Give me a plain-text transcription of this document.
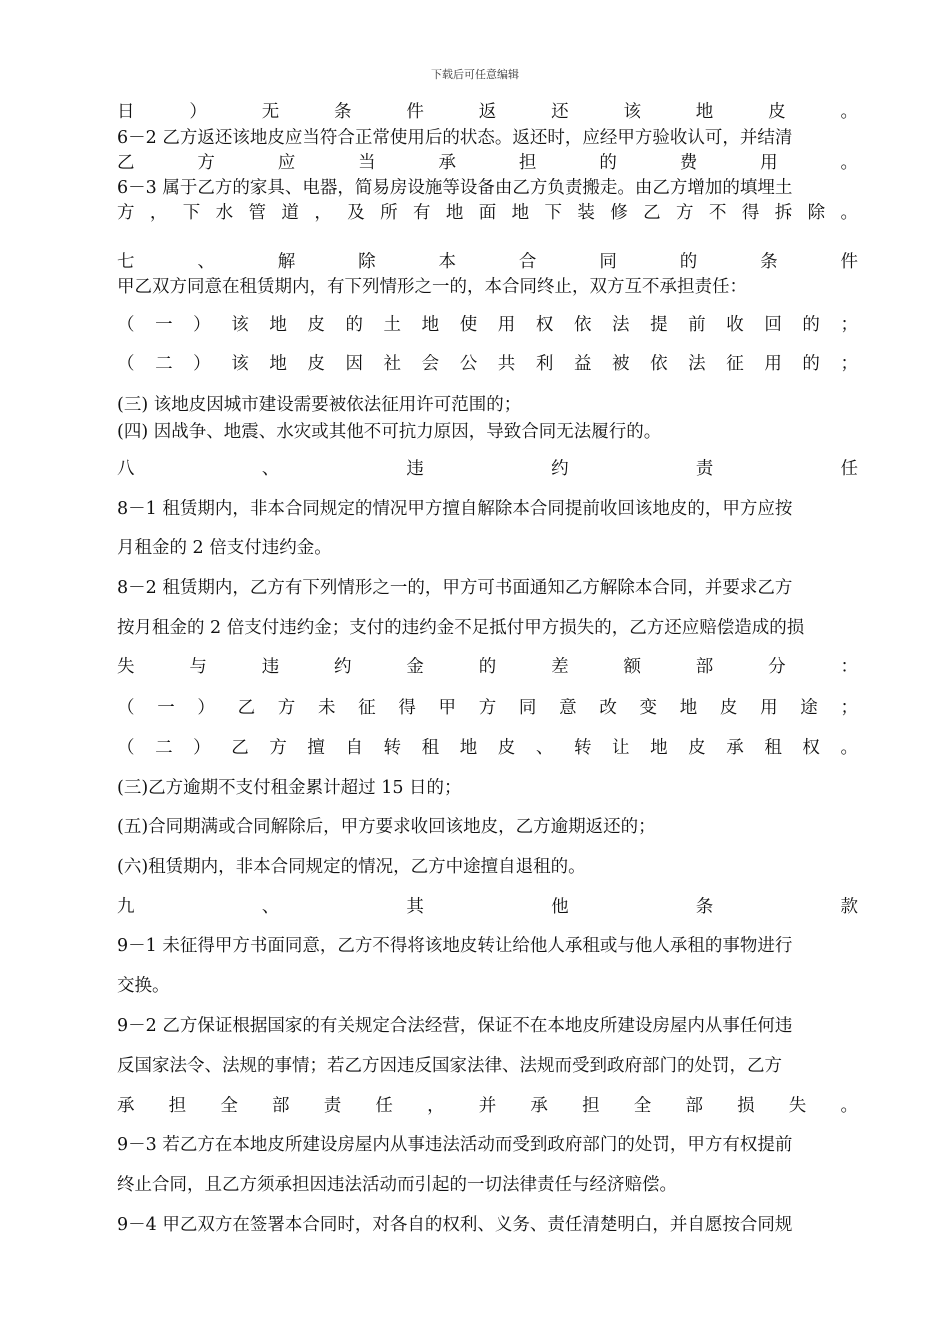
下载后可任意编辑
日 ） 无 条 件 返 还 该 地 皮 。
6－2 乙方返还该地皮应当符合正常使用后的状态。返还时，应经甲方验收认可，并结清
乙 方 应 当 承 担 的 费 用 。
6－3 属于乙方的家具、电器，简易房设施等设备由乙方负责搬走。由乙方增加的填埋土
方 ， 下 水 管 道 ， 及 所 有 地 面 地 下 装 修 乙 方 不 得 拆 除 。
七 、 解 除 本 合 同 的 条 件
甲乙双方同意在租赁期内，有下列情形之一的，本合同终止，双方互不承担责任：
（ 一 ） 该 地 皮 的 土 地 使 用 权 依 法 提 前 收 回 的 ；
（ 二 ） 该 地 皮 因 社 会 公 共 利 益 被 依 法 征 用 的 ；
(三) 该地皮因城市建设需要被依法征用许可范围的；
(四) 因战争、地震、水灾或其他不可抗力原因，导致合同无法履行的。
八 、 违 约 责 任
8－1 租赁期内，非本合同规定的情况甲方擅自解除本合同提前收回该地皮的，甲方应按
月租金的 2 倍支付违约金。
8－2 租赁期内，乙方有下列情形之一的，甲方可书面通知乙方解除本合同，并要求乙方
按月租金的 2 倍支付违约金；支付的违约金不足抵付甲方损失的，乙方还应赔偿造成的损
失 与 违 约 金 的 差 额 部 分 ：
（ 一 ） 乙 方 未 征 得 甲 方 同 意 改 变 地 皮 用 途 ；
（ 二 ） 乙 方 擅 自 转 租 地 皮 、 转 让 地 皮 承 租 权 。
(三)乙方逾期不支付租金累计超过 15 日的；
(五)合同期满或合同解除后，甲方要求收回该地皮，乙方逾期返还的；
(六)租赁期内，非本合同规定的情况，乙方中途擅自退租的。
九 、 其 他 条 款
9－1 未征得甲方书面同意，乙方不得将该地皮转让给他人承租或与他人承租的事物进行
交换。
9－2 乙方保证根据国家的有关规定合法经营，保证不在本地皮所建设房屋内从事任何违
反国家法令、法规的事情；若乙方因违反国家法律、法规而受到政府部门的处罚，乙方
承 担 全 部 责 任 ， 并 承 担 全 部 损 失 。
9－3 若乙方在本地皮所建设房屋内从事违法活动而受到政府部门的处罚，甲方有权提前
终止合同，且乙方须承担因违法活动而引起的一切法律责任与经济赔偿。
9－4 甲乙双方在签署本合同时，对各自的权利、义务、责任清楚明白，并自愿按合同规
